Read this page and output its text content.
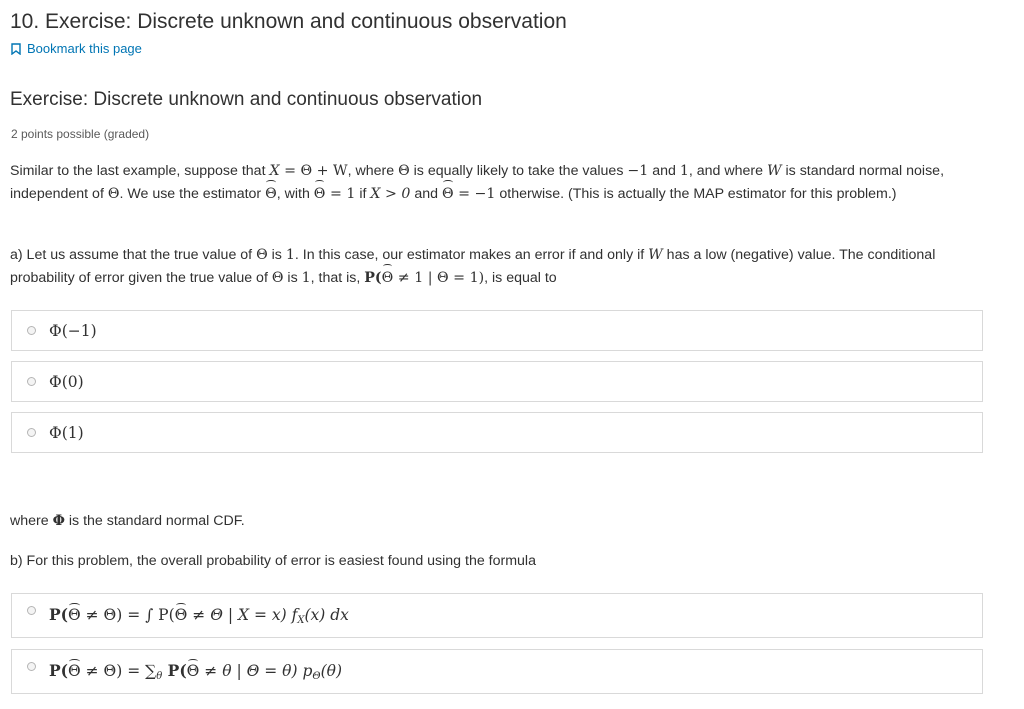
10. Exercise: Discrete unknown and continuous observation
Bookmark this page
Exercise: Discrete unknown and continuous observation
2 points possible (graded)
Similar to the last example, suppose that X = Θ + W, where Θ is equally likely to take the values −1 and 1, and where W is standard normal noise, independent of Θ. We use the estimator Θ, with Θ = 1 if X > 0 and Θ = −1 otherwise. (This is actually the MAP estimator for this problem.)
a) Let us assume that the true value of Θ is 1. In this case, our estimator makes an error if and only if W has a low (negative) value. The conditional probability of error given the true value of Θ is 1, that is, P(Θ ≠ 1 | Θ = 1), is equal to
Φ(−1)
Φ(0)
Φ(1)
where Φ is the standard normal CDF.
b) For this problem, the overall probability of error is easiest found using the formula
P(Θ ≠ Θ) = ∫ P(Θ ≠ Θ | X = x) $f_X(x)$ dx
$P(\Theta \ne \Theta) = \sum_\theta$ P(Θ ≠ θ | Θ = θ) $p_\Theta(\theta)$
